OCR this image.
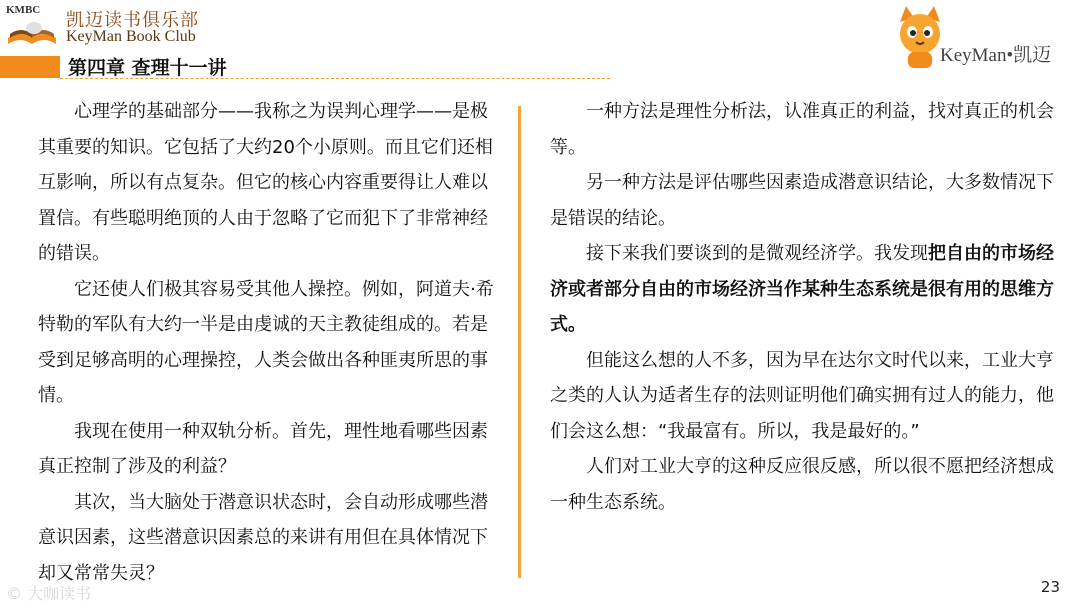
KMBC 凯迈读书俱乐部
KeyMan Book Club
第四章 查理十一讲
KeyMan•凯迈

心理学的基础部分——我称之为误判心理学——是极其重要的知识。它包括了大约20个小原则。而且它们还相互影响，所以有点复杂。但它的核心内容重要得让人难以置信。有些聪明绝顶的人由于忽略了它而犯下了非常神经的错误。

它还使人们极其容易受其他人操控。例如，阿道夫·希特勒的军队有大约一半是由虔诚的天主教徒组成的。若是受到足够高明的心理操控，人类会做出各种匪夷所思的事情。

我现在使用一种双轨分析。首先，理性地看哪些因素真正控制了涉及的利益？

其次，当大脑处于潜意识状态时，会自动形成哪些潜意识因素，这些潜意识因素总的来讲有用但在具体情况下却又常常失灵？

一种方法是理性分析法，认准真正的利益，找对真正的机会等。

另一种方法是评估哪些因素造成潜意识结论，大多数情况下是错误的结论。

接下来我们要谈到的是微观经济学。我发现把自由的市场经济或者部分自由的市场经济当作某种生态系统是很有用的思维方式。

但能这么想的人不多，因为早在达尔文时代以来，工业大亨之类的人认为适者生存的法则证明他们确实拥有过人的能力，他们会这么想：“我最富有。所以，我是最好的。”

人们对工业大亨的这种反应很反感，所以很不愿把经济想成一种生态系统。

23
© 大咖读书
